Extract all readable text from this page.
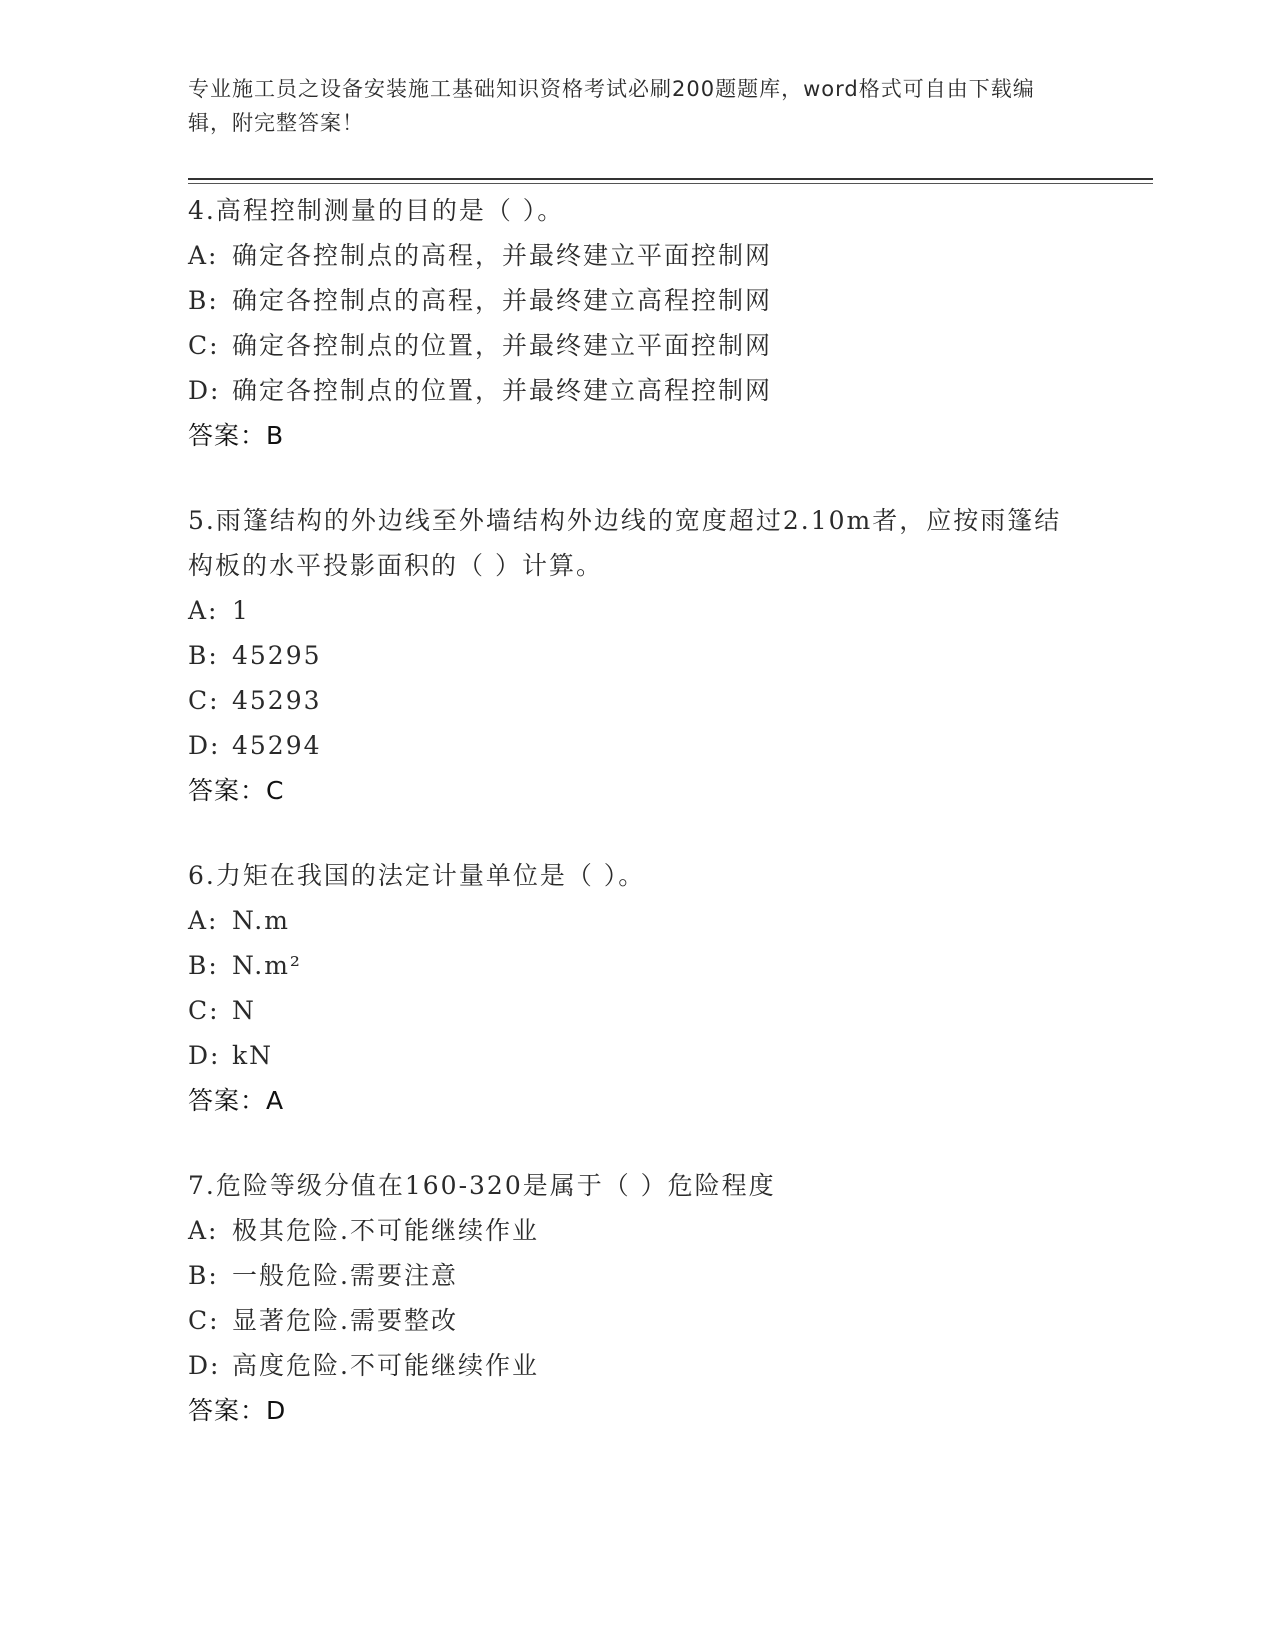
专业施工员之设备安装施工基础知识资格考试必刷200题题库，word格式可自由下载编辑，附完整答案！
4.高程控制测量的目的是（ ）。
A: 确定各控制点的高程，并最终建立平面控制网
B: 确定各控制点的高程，并最终建立高程控制网
C: 确定各控制点的位置，并最终建立平面控制网
D: 确定各控制点的位置，并最终建立高程控制网
答案：B
5.雨篷结构的外边线至外墙结构外边线的宽度超过2.10m者，应按雨篷结构板的水平投影面积的（ ）计算。
A: 1
B: 45295
C: 45293
D: 45294
答案：C
6.力矩在我国的法定计量单位是（ ）。
A: N.m
B: N.m²
C: N
D: kN
答案：A
7.危险等级分值在160-320是属于（ ）危险程度
A: 极其危险.不可能继续作业
B: 一般危险.需要注意
C: 显著危险.需要整改
D: 高度危险.不可能继续作业
答案：D
